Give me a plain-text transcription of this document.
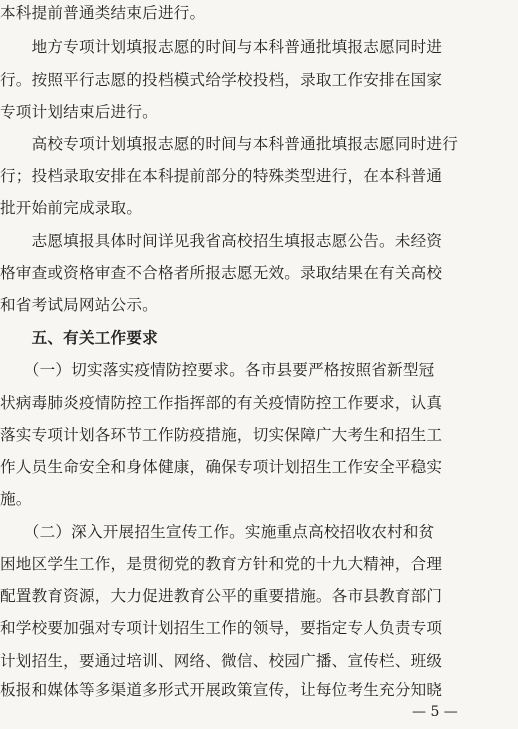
本科提前普通类结束后进行。
　　地方专项计划填报志愿的时间与本科普通批填报志愿同时进
行。按照平行志愿的投档模式给学校投档，录取工作安排在国家
专项计划结束后进行。
　　高校专项计划填报志愿的时间与本科普通批填报志愿同时进行
行；投档录取安排在本科提前部分的特殊类型进行，在本科普通
批开始前完成录取。
　　志愿填报具体时间详见我省高校招生填报志愿公告。未经资
格审查或资格审查不合格者所报志愿无效。录取结果在有关高校
和省考试局网站公示。
　　五、有关工作要求
　　（一）切实落实疫情防控要求。各市县要严格按照省新型冠
状病毒肺炎疫情防控工作指挥部的有关疫情防控工作要求，认真
落实专项计划各环节工作防疫措施，切实保障广大考生和招生工
作人员生命安全和身体健康，确保专项计划招生工作安全平稳实
施。
　　（二）深入开展招生宣传工作。实施重点高校招收农村和贫
困地区学生工作，是贯彻党的教育方针和党的十九大精神，合理
配置教育资源，大力促进教育公平的重要措施。各市县教育部门
和学校要加强对专项计划招生工作的领导，要指定专人负责专项
计划招生，要通过培训、网络、微信、校园广播、宣传栏、班级
板报和媒体等多渠道多形式开展政策宣传，让每位考生充分知晓
— 5 —
